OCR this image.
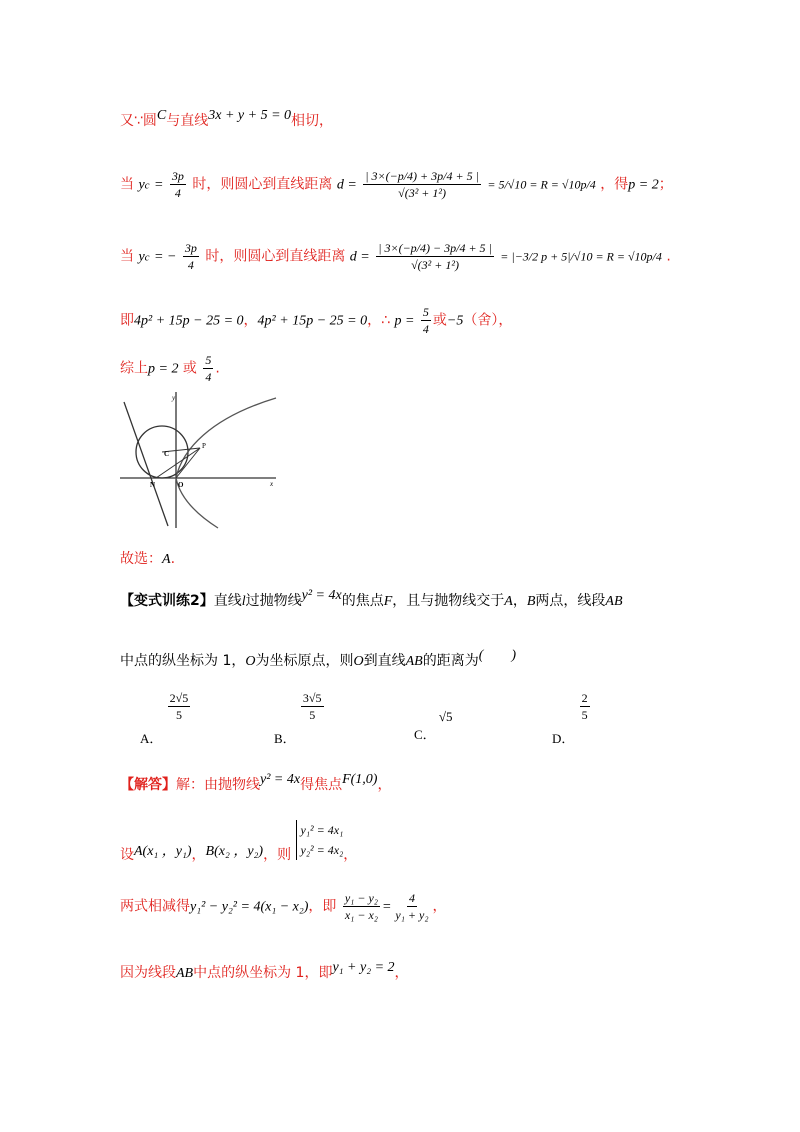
又∵圆C与直线3x + y + 5 = 0相切，
当 yc = $\frac{3p}{4}$ 时，则圆心到直线距离 $d = \frac{| 3\times(-p/4) + 3p/4 + 5 |}{\text{√(3² + 1²)}} = 5/√10 = R = √10p/4$ ，得p = 2；
当 yc = − $\frac{3p}{4}$ 时，则圆心到直线距离 $d = \frac{| 3\times(-p/4) - 3p/4 + 5 |}{\text{√(3² + 1²)}} = |-3/2$ p + 5|/√10 = R = √10p/4 .
即4p² + 15p − 25 = 0，4p² + 15p − 25 = 0，∴ $p = \frac{5}{4}$ 或−5（舍），
综上p = 2 或 $\frac{5}{4}$ .
y
x
C
P
N	O
故选：A.
【变式训练2】直线l过抛物线y² = 4x的焦点F，且与抛物线交于A，B两点，线段AB
中点的纵坐标为 1，O为坐标原点，则O到直线AB的距离为(　　)
A．
$\frac{2√5}{5}$
B．
$\frac{3√5}{5}$
C． √5
D．
$\frac{2}{5}$
【解答】解：由抛物线y² = 4x得焦点F(1,0)，
设A(x₁ ，y₁)，B(x₂ ，y₂)，则 y₁² = 4x₁
y₂² = 4x₂，
两式相减得y₁² − y₂² = 4(x₁ − x₂)，即 $\frac{\text{y₁ − y₂}}{\text{x₁ − x₂}} = \frac{4}{\text{y₁ + y₂}}$ ，
因为线段AB中点的纵坐标为 1，即y₁ + y₂ = 2，
